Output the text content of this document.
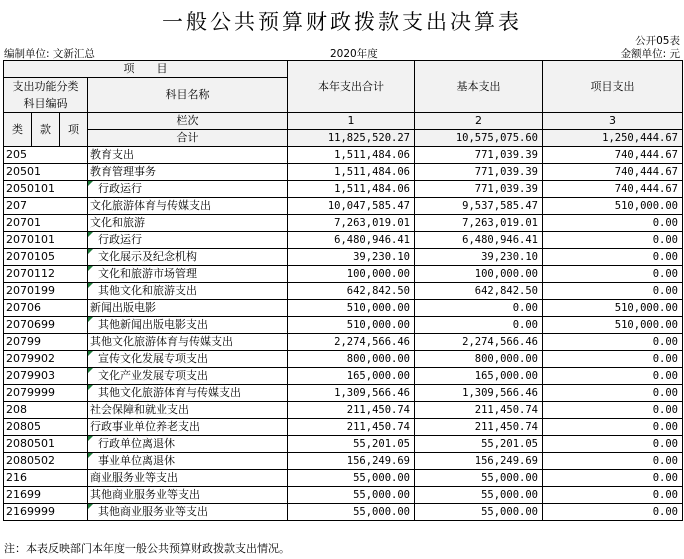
一般公共预算财政拨款支出决算表
公开05表
编制单位: 文新汇总	2020年度	金额单位: 元
项　　目				本年支出合计	基本支出	项目支出
支出功能分类
科目编码			科目名称			

类	款	项				
			栏次	1	2	3
			合计	11,825,520.27	10,575,075.60	1,250,444.67
205			教育支出	1,511,484.06	771,039.39	740,444.67
20501			教育管理事务	1,511,484.06	771,039.39	740,444.67
2050101			行政运行	1,511,484.06	771,039.39	740,444.67
207			文化旅游体育与传媒支出	10,047,585.47	9,537,585.47	510,000.00
20701			文化和旅游	7,263,019.01	7,263,019.01	0.00
2070101			行政运行	6,480,946.41	6,480,946.41	0.00
2070105			文化展示及纪念机构	39,230.10	39,230.10	0.00
2070112			文化和旅游市场管理	100,000.00	100,000.00	0.00
2070199			其他文化和旅游支出	642,842.50	642,842.50	0.00
20706			新闻出版电影	510,000.00	0.00	510,000.00
2070699			其他新闻出版电影支出	510,000.00	0.00	510,000.00
20799			其他文化旅游体育与传媒支出	2,274,566.46	2,274,566.46	0.00
2079902			宣传文化发展专项支出	800,000.00	800,000.00	0.00
2079903			文化产业发展专项支出	165,000.00	165,000.00	0.00
2079999			其他文化旅游体育与传媒支出	1,309,566.46	1,309,566.46	0.00
208			社会保障和就业支出	211,450.74	211,450.74	0.00
20805			行政事业单位养老支出	211,450.74	211,450.74	0.00
2080501			行政单位离退休	55,201.05	55,201.05	0.00
2080502			事业单位离退休	156,249.69	156,249.69	0.00
216			商业服务业等支出	55,000.00	55,000.00	0.00
21699			其他商业服务业等支出	55,000.00	55,000.00	0.00
2169999			其他商业服务业等支出	55,000.00	55,000.00	0.00
注：本表反映部门本年度一般公共预算财政拨款支出情况。
